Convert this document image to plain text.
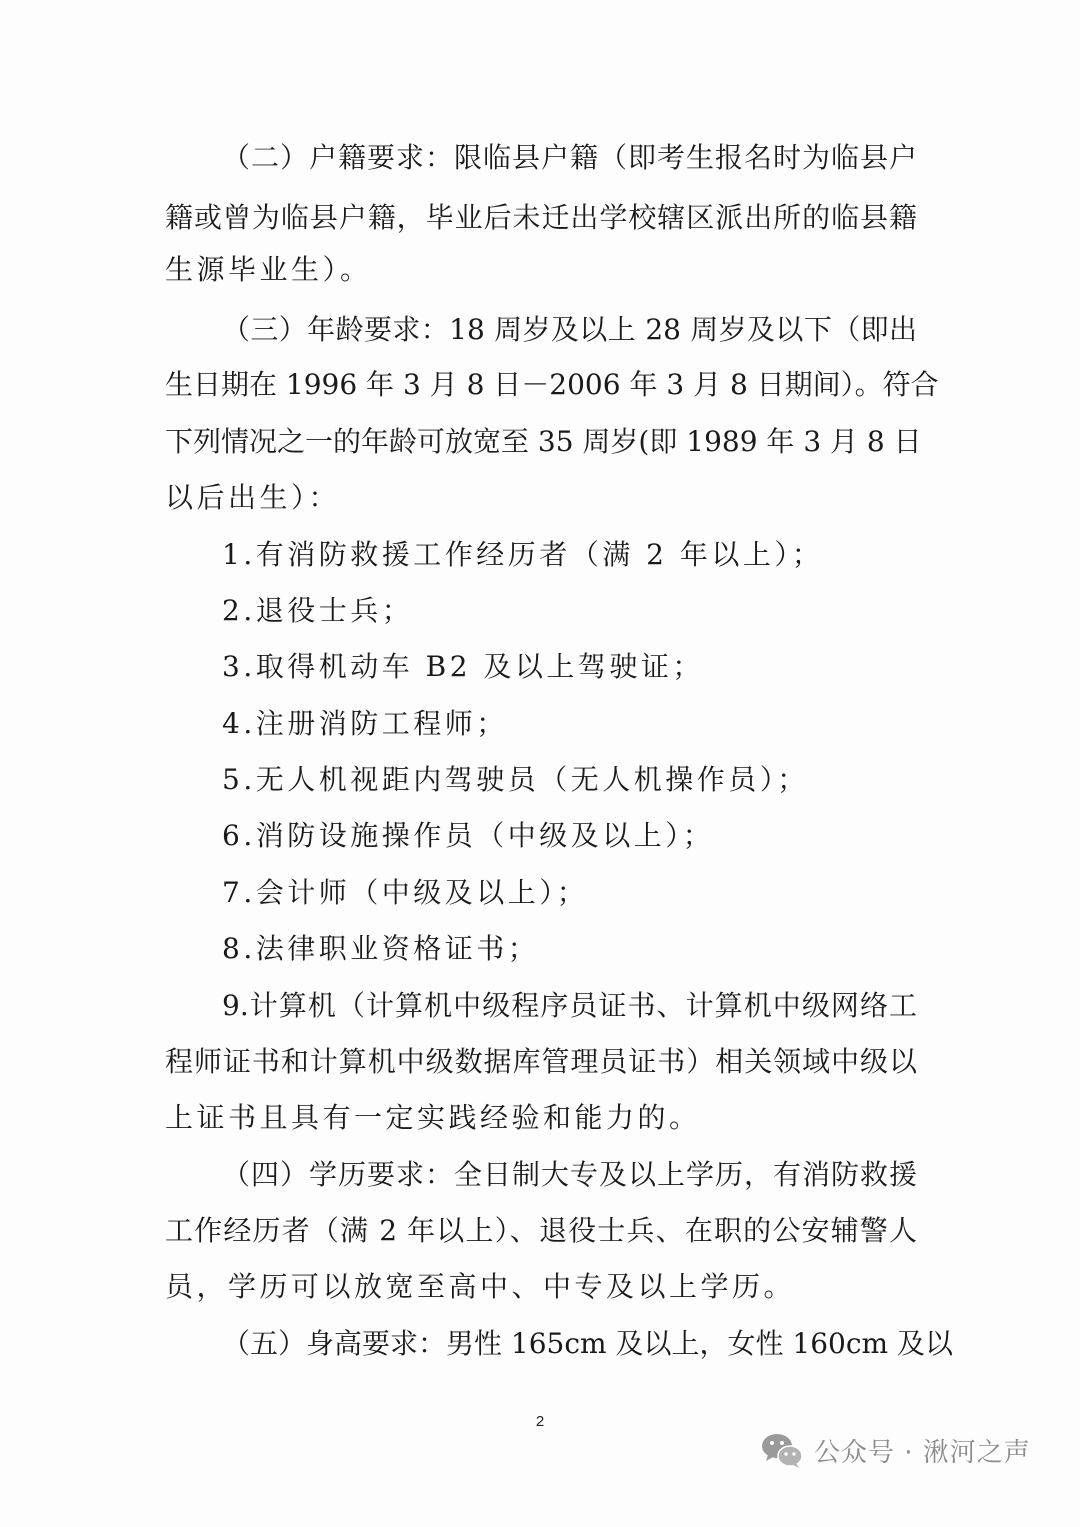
（二）户籍要求：限临县户籍（即考生报名时为临县户
籍或曾为临县户籍，毕业后未迁出学校辖区派出所的临县籍
生源毕业生）。
（三）年龄要求：18 周岁及以上 28 周岁及以下（即出
生日期在 1996 年 3 月 8 日－2006 年 3 月 8 日期间）。符合
下列情况之一的年龄可放宽至 35 周岁(即 1989 年 3 月 8 日
以后出生）：
1.有消防救援工作经历者（满 2 年以上）；
2.退役士兵；
3.取得机动车 B2 及以上驾驶证；
4.注册消防工程师；
5.无人机视距内驾驶员（无人机操作员）；
6.消防设施操作员（中级及以上）；
7.会计师（中级及以上）；
8.法律职业资格证书；
9.计算机（计算机中级程序员证书、计算机中级网络工
程师证书和计算机中级数据库管理员证书）相关领域中级以
上证书且具有一定实践经验和能力的。
（四）学历要求：全日制大专及以上学历，有消防救援
工作经历者（满 2 年以上）、退役士兵、在职的公安辅警人
员，学历可以放宽至高中、中专及以上学历。
（五）身高要求：男性 165cm 及以上，女性 160cm 及以
2
公众号 · 湫河之声
